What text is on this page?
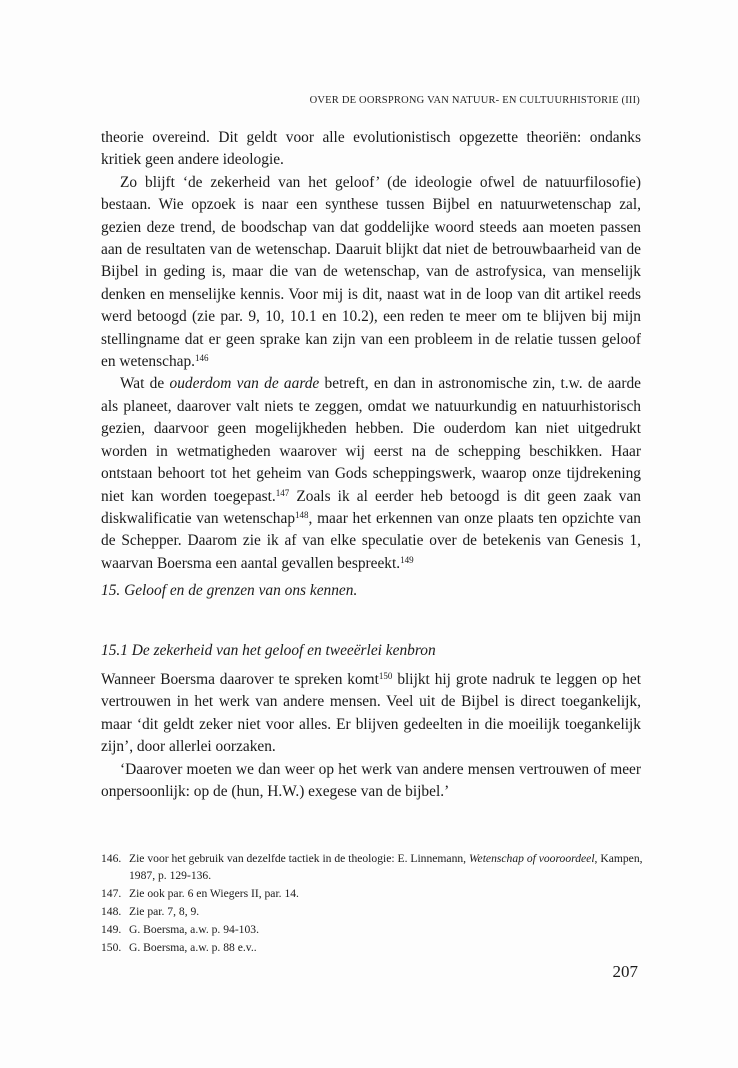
OVER DE OORSPRONG VAN NATUUR- EN CULTUURHISTORIE (III)

theorie overeind. Dit geldt voor alle evolutionistisch opgezette theoriën: ondanks kritiek geen andere ideologie.

Zo blijft ‘de zekerheid van het geloof’ (de ideologie ofwel de natuurfilosofie) bestaan. Wie opzoek is naar een synthese tussen Bijbel en natuurwetenschap zal, gezien deze trend, de boodschap van dat goddelijke woord steeds aan moeten passen aan de resultaten van de wetenschap. Daaruit blijkt dat niet de betrouwbaarheid van de Bijbel in geding is, maar die van de wetenschap, van de astrofysica, van menselijk denken en menselijke kennis. Voor mij is dit, naast wat in de loop van dit artikel reeds werd betoogd (zie par. 9, 10, 10.1 en 10.2), een reden te meer om te blijven bij mijn stellingname dat er geen sprake kan zijn van een probleem in de relatie tussen geloof en wetenschap.$^{146}$

Wat de ouderdom van de aarde betreft, en dan in astronomische zin, t.w. de aarde als planeet, daarover valt niets te zeggen, omdat we natuurkundig en natuurhistorisch gezien, daarvoor geen mogelijkheden hebben. Die ouderdom kan niet uitgedrukt worden in wetmatigheden waarover wij eerst na de schepping beschikken. Haar ontstaan behoort tot het geheim van Gods scheppingswerk, waarop onze tijdrekening niet kan worden toegepast.$^{147}$ Zoals ik al eerder heb betoogd is dit geen zaak van diskwalificatie van wetenschap$^{148}$, maar het erkennen van onze plaats ten opzichte van de Schepper. Daarom zie ik af van elke speculatie over de betekenis van Genesis 1, waarvan Boersma een aantal gevallen bespreekt.$^{149}$

15. Geloof en de grenzen van ons kennen.
15.1 De zekerheid van het geloof en tweeërlei kenbron

Wanneer Boersma daarover te spreken komt$^{150}$ blijkt hij grote nadruk te leggen op het vertrouwen in het werk van andere mensen. Veel uit de Bijbel is direct toegankelijk, maar ‘dit geldt zeker niet voor alles. Er blijven gedeelten in die moeilijk toegankelijk zijn’, door allerlei oorzaken.

‘Daarover moeten we dan weer op het werk van andere mensen vertrouwen of meer onpersoonlijk: op de (hun, H.W.) exegese van de bijbel.’

146. Zie voor het gebruik van dezelfde tactiek in de theologie: E. Linnemann, Wetenschap of vooroordeel, Kampen, 1987, p. 129-136.
147. Zie ook par. 6 en Wiegers II, par. 14.
148. Zie par. 7, 8, 9.
149. G. Boersma, a.w. p. 94-103.
150. G. Boersma, a.w. p. 88 e.v..
207
